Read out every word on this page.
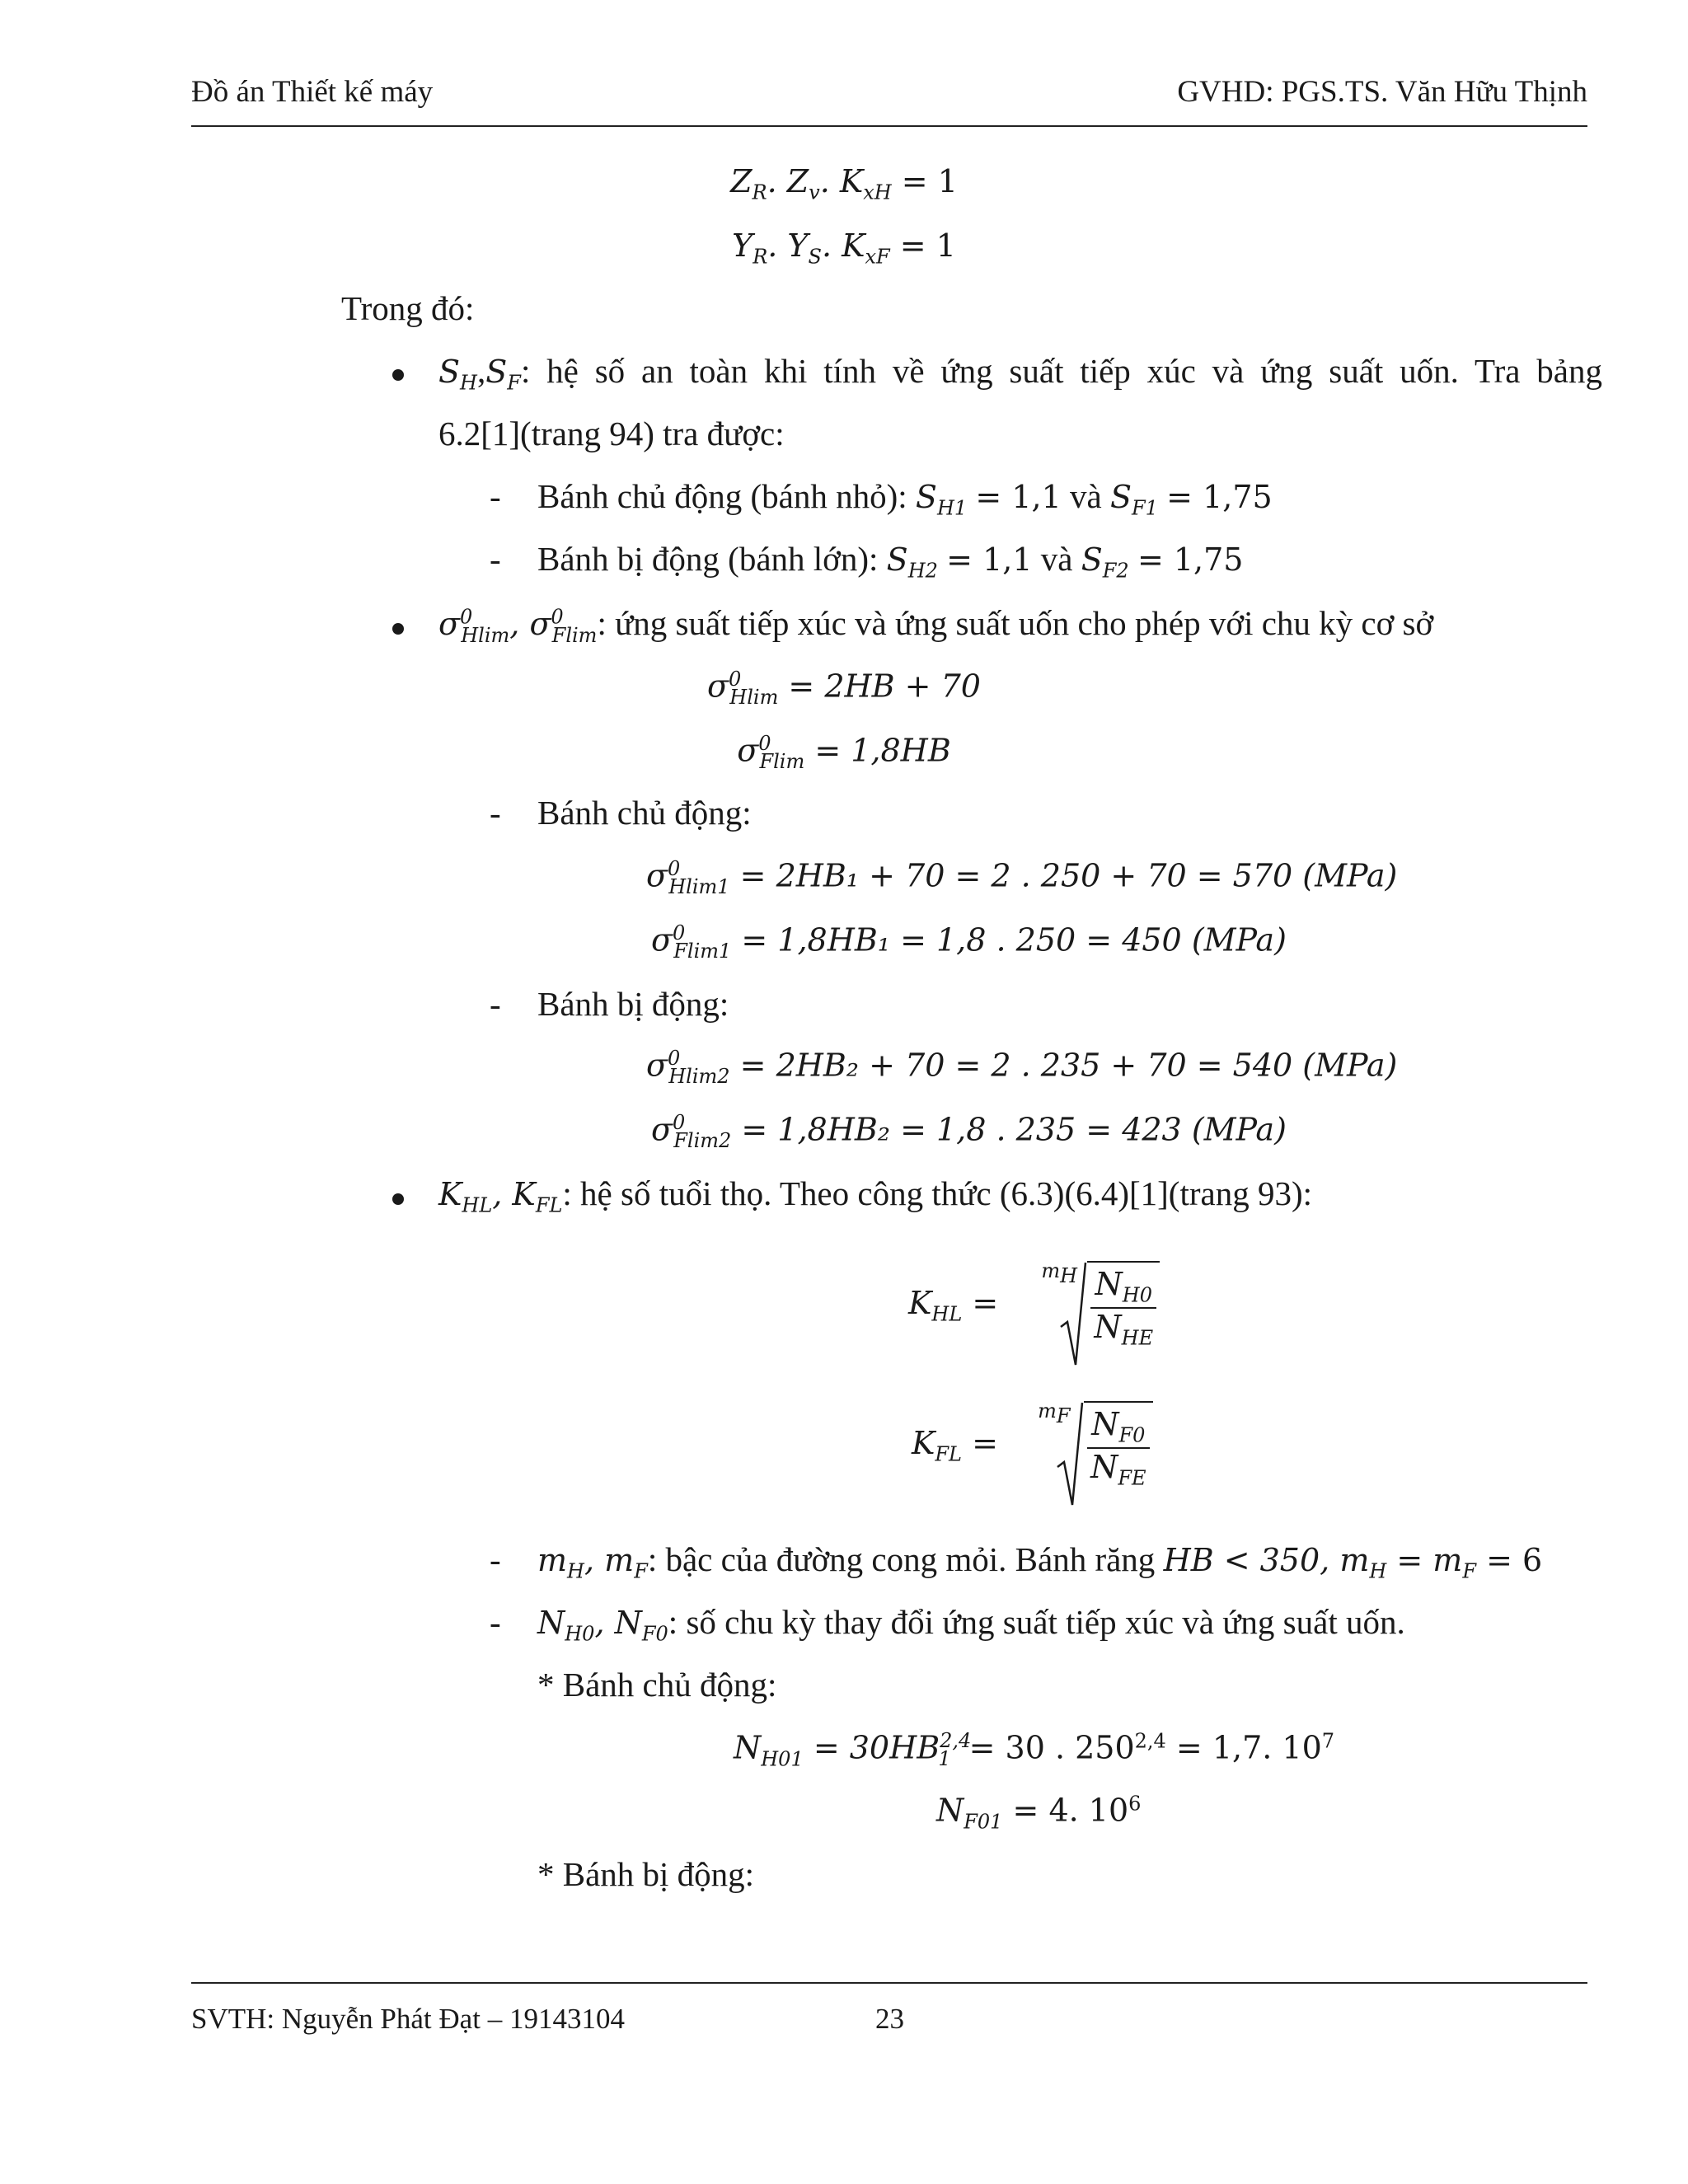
Đồ án Thiết kế máy	GVHD: PGS.TS. Văn Hữu Thịnh
$Z_R$. $Z_v$. $K_{xH} = 1$
$Y_R$. $Y_S$. $K_{xF} = 1$
Trong đó:
$S_H,S_F$: hệ số an toàn khi tính về ứng suất tiếp xúc và ứng suất uốn. Tra bảng
6.2[1](trang 94) tra được:
- Bánh chủ động (bánh nhỏ): $S_{H1} = 1,1$ và $S_{F1} = 1,75$
- Bánh bị động (bánh lớn): $S_{H2} = 1,1$ và $S_{F2} = 1,75$
$\sigma^0_{Hlim}$, $\sigma^0_{Flim}$: ứng suất tiếp xúc và ứng suất uốn cho phép với chu kỳ cơ sở
$\sigma^0_{Hlim} = 2HB + 70$
$\sigma^0_{Flim} = 1,8HB$
- Bánh chủ động:
$\sigma^0_{Hlim1} = 2HB_1 + 70 = 2$ . 250 + 70 = 570 (MPa)
$\sigma^0_{Flim1} = 1,8HB_1 = 1,8$ . 250 = 450 (MPa)
- Bánh bị động:
$\sigma^0_{Hlim2} = 2HB_2 + 70 = 2$ . 235 + 70 = 540 (MPa)
$\sigma^0_{Flim2} = 1,8HB_2 = 1,8$ . 235 = 423 (MPa)
$K_{HL}$, $K_{FL}$: hệ số tuổi thọ. Theo công thức (6.3)(6.4)[1](trang 93):
$K_{HL}$ =
$m_H \frac{N_{H0}}{N_{HE}}$
$K_{FL}$ =
$m_F \frac{N_{F0}}{N_{FE}}$
- $m_H$, $m_F$: bậc của đường cong mỏi. Bánh răng HB < 350, $m_H = m_F = 6$
- $N_{H0}$, $N_{F0}$: số chu kỳ thay đổi ứng suất tiếp xúc và ứng suất uốn.
* Bánh chủ động:
$N_{H01} = 30HB^{2,4}_1 = 30$ . $250^{2,4} = 1,7$. $10^7$
$N_{F01} = 4$. $10^6$
* Bánh bị động:
SVTH: Nguyễn Phát Đạt – 19143104	23
